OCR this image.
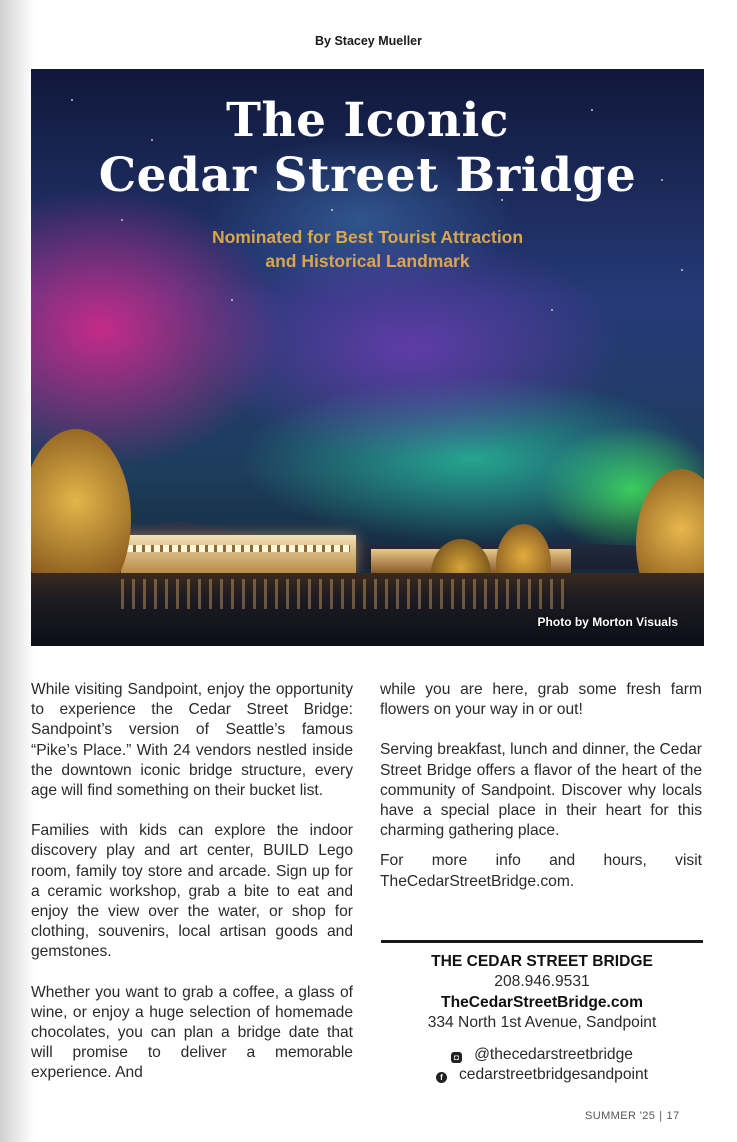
By Stacey Mueller
The Iconic
Cedar Street Bridge
Nominated for Best Tourist Attraction
and Historical Landmark
Photo by Morton Visuals

While visiting Sandpoint, enjoy the opportunity to experience the Cedar Street Bridge: Sandpoint’s version of Seattle’s famous “Pike’s Place.” With 24 vendors nestled inside the downtown iconic bridge structure, every age will find something on their bucket list.

Families with kids can explore the indoor discovery play and art center, BUILD Lego room, family toy store and arcade. Sign up for a ceramic workshop, grab a bite to eat and enjoy the view over the water, or shop for clothing, souvenirs, local artisan goods and gemstones.

Whether you want to grab a coffee, a glass of wine, or enjoy a huge selection of homemade chocolates, you can plan a bridge date that will promise to deliver a memorable experience. And

while you are here, grab some fresh farm flowers on your way in or out!

Serving breakfast, lunch and dinner, the Cedar Street Bridge offers a flavor of the heart of the community of Sandpoint. Discover why locals have a special place in their heart for this charming gathering place.

For more info and hours, visit TheCedarStreetBridge.com.

THE CEDAR STREET BRIDGE
208.946.9531
TheCedarStreetBridge.com
334 North 1st Avenue, Sandpoint
◘ @thecedarstreetbridge
f cedarstreetbridgesandpoint
SUMMER '25 | 17
